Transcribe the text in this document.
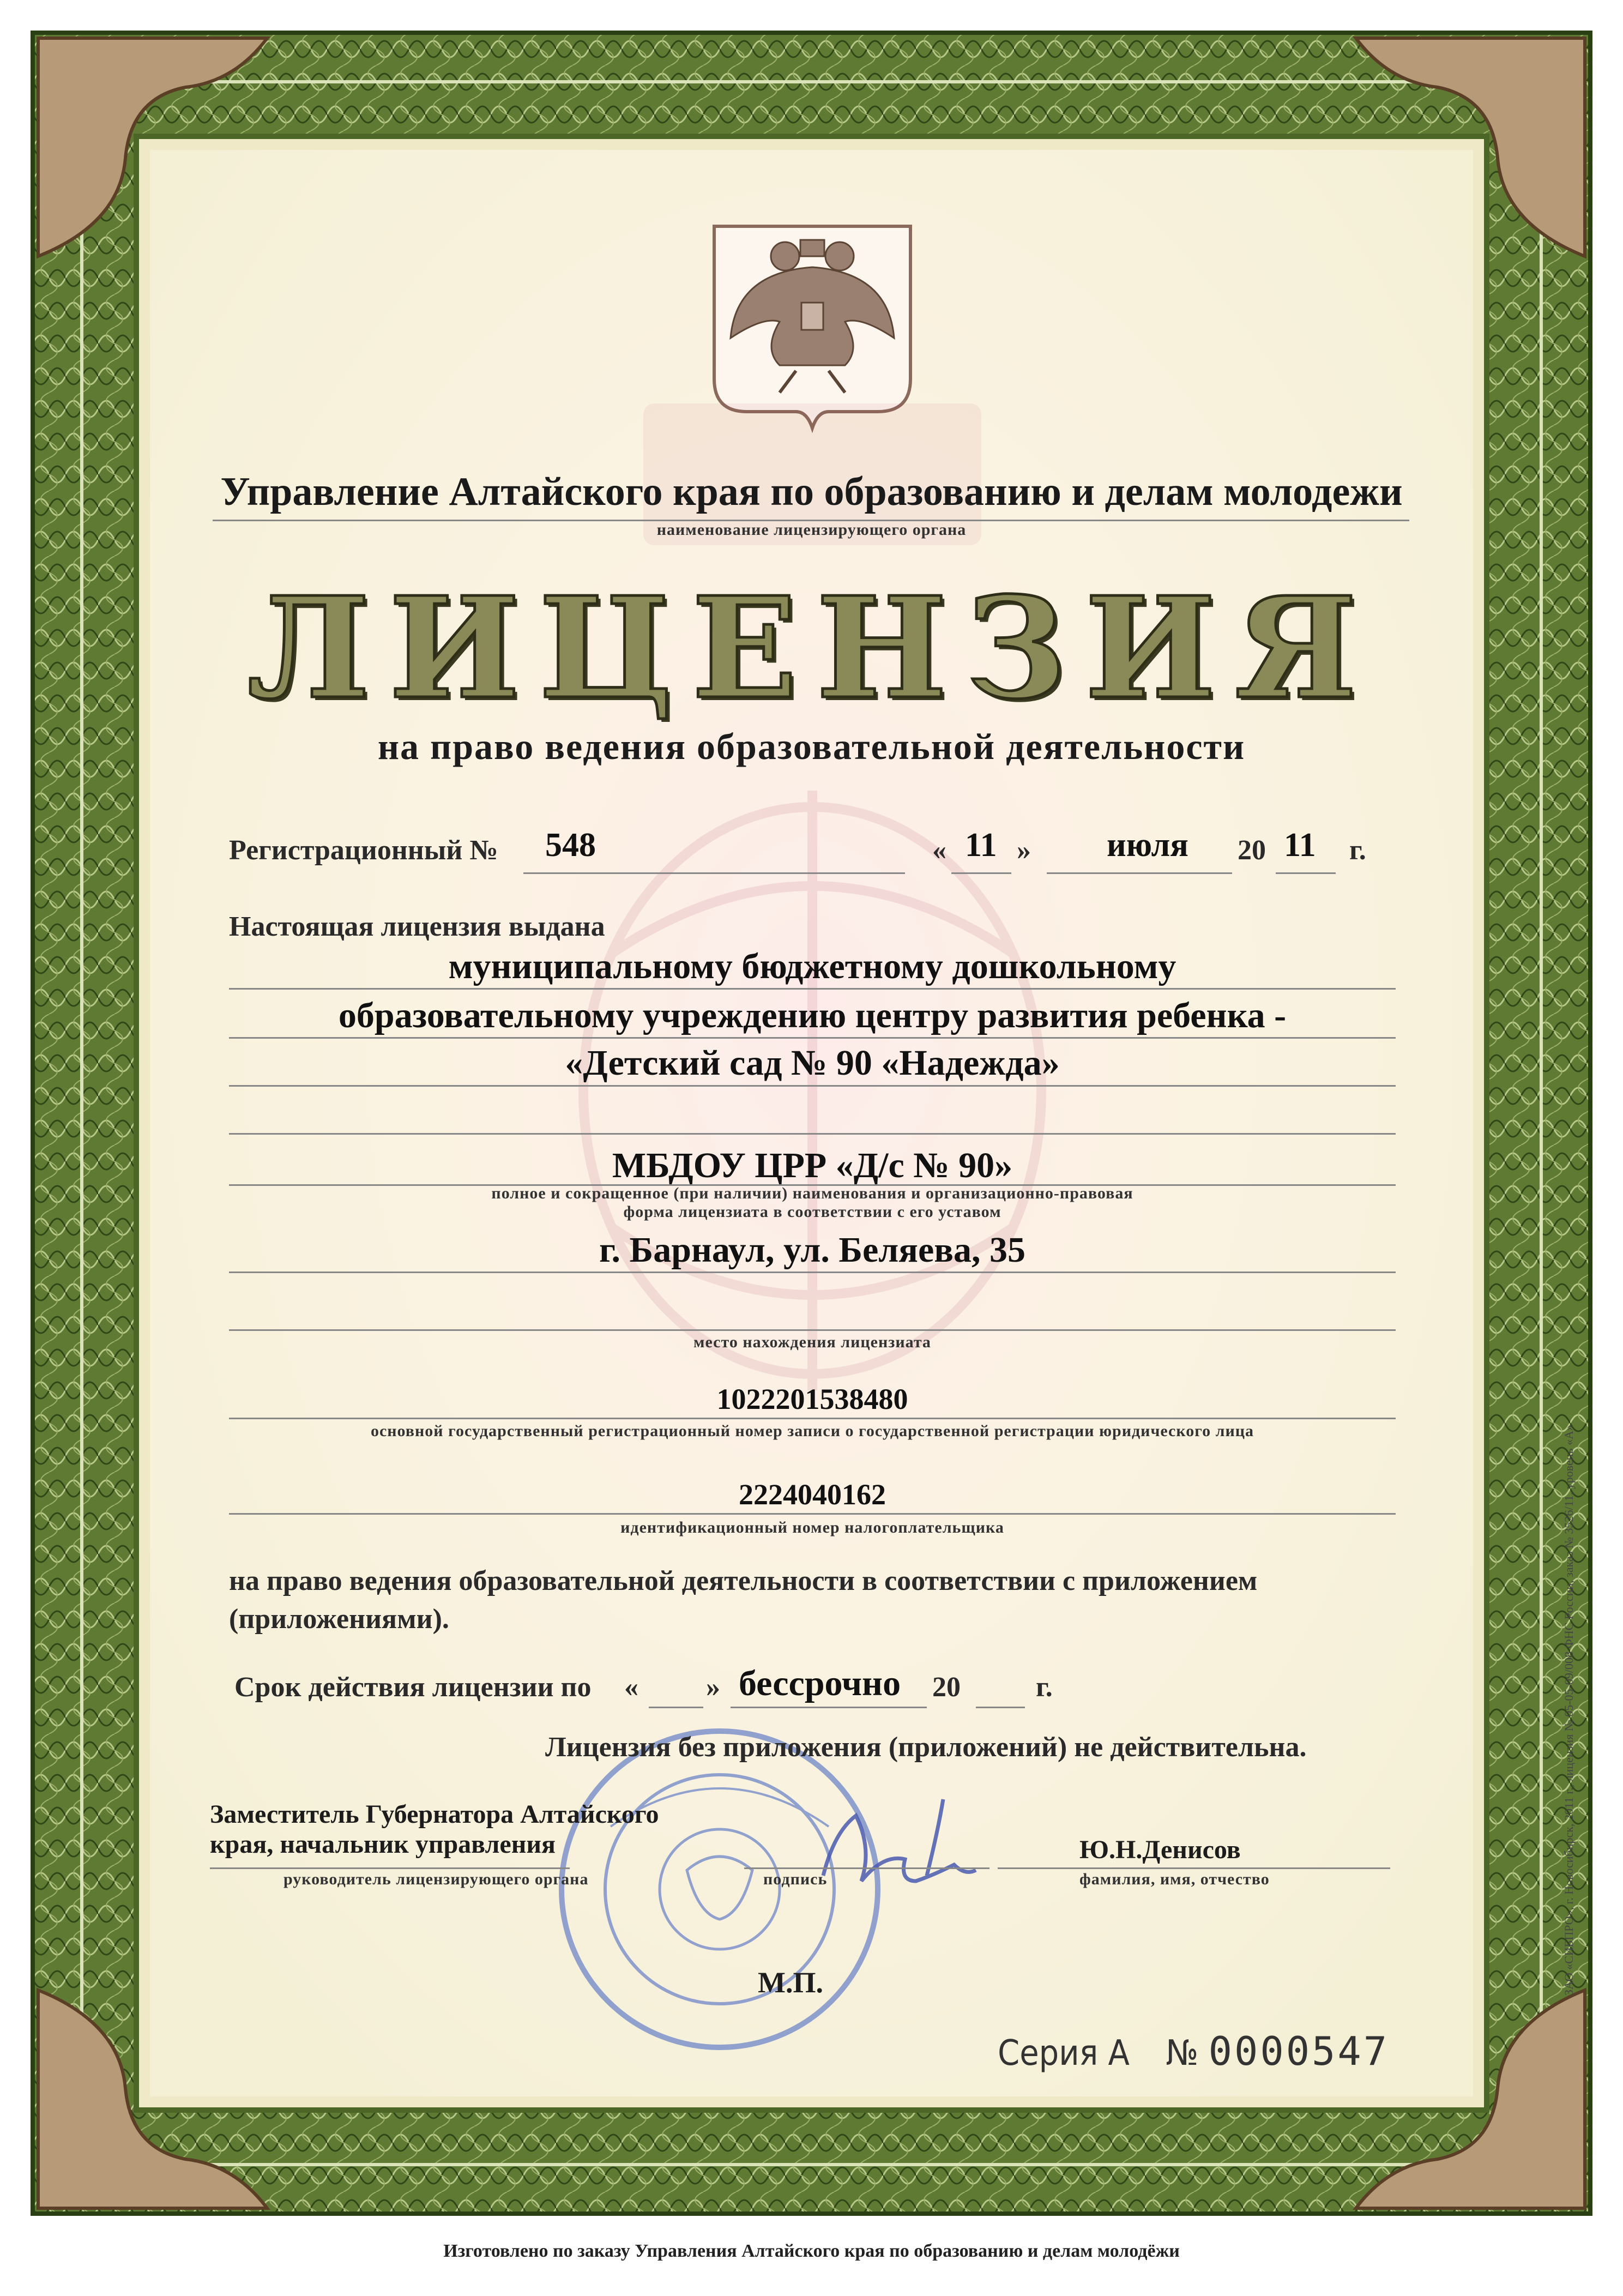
Управление Алтайского края по образованию и делам молодежи
наименование лицензирующего органа
ЛИЦЕНЗИЯ
на право ведения образовательной деятельности
Регистрационный № 548	« 11 » июля 20 11 г.
Настоящая лицензия выдана
муниципальному бюджетному дошкольному
образовательному учреждению центру развития ребенка -
«Детский сад № 90 «Надежда»
МБДОУ ЦРР «Д/с № 90»
полное и сокращенное (при наличии) наименования и организационно-правовая
форма лицензиата в соответствии с его уставом
г. Барнаул, ул. Беляева, 35
место нахождения лицензиата
1022201538480
основной государственный регистрационный номер записи о государственной регистрации юридического лица
2224040162
идентификационный номер налогоплательщика
на право ведения образовательной деятельности в соответствии с приложением
(приложениями).
Срок действия лицензии по « » бессрочно 20	г.
Лицензия без приложения (приложений) не действительна.
Заместитель Губернатора Алтайского
края, начальник управления	Ю.Н.Денисов
руководитель лицензирующего органа	подпись	фамилия, имя, отчество
М.П.
Серия А № 0000547
ЗАО «СИБПРО», г. Новосибирск, 2011 г., лицензия № 05-05-09/008 ФНС России, заказ № 3526/11, уровень «А»
Изготовлено по заказу Управления Алтайского края по образованию и делам молодёжи
